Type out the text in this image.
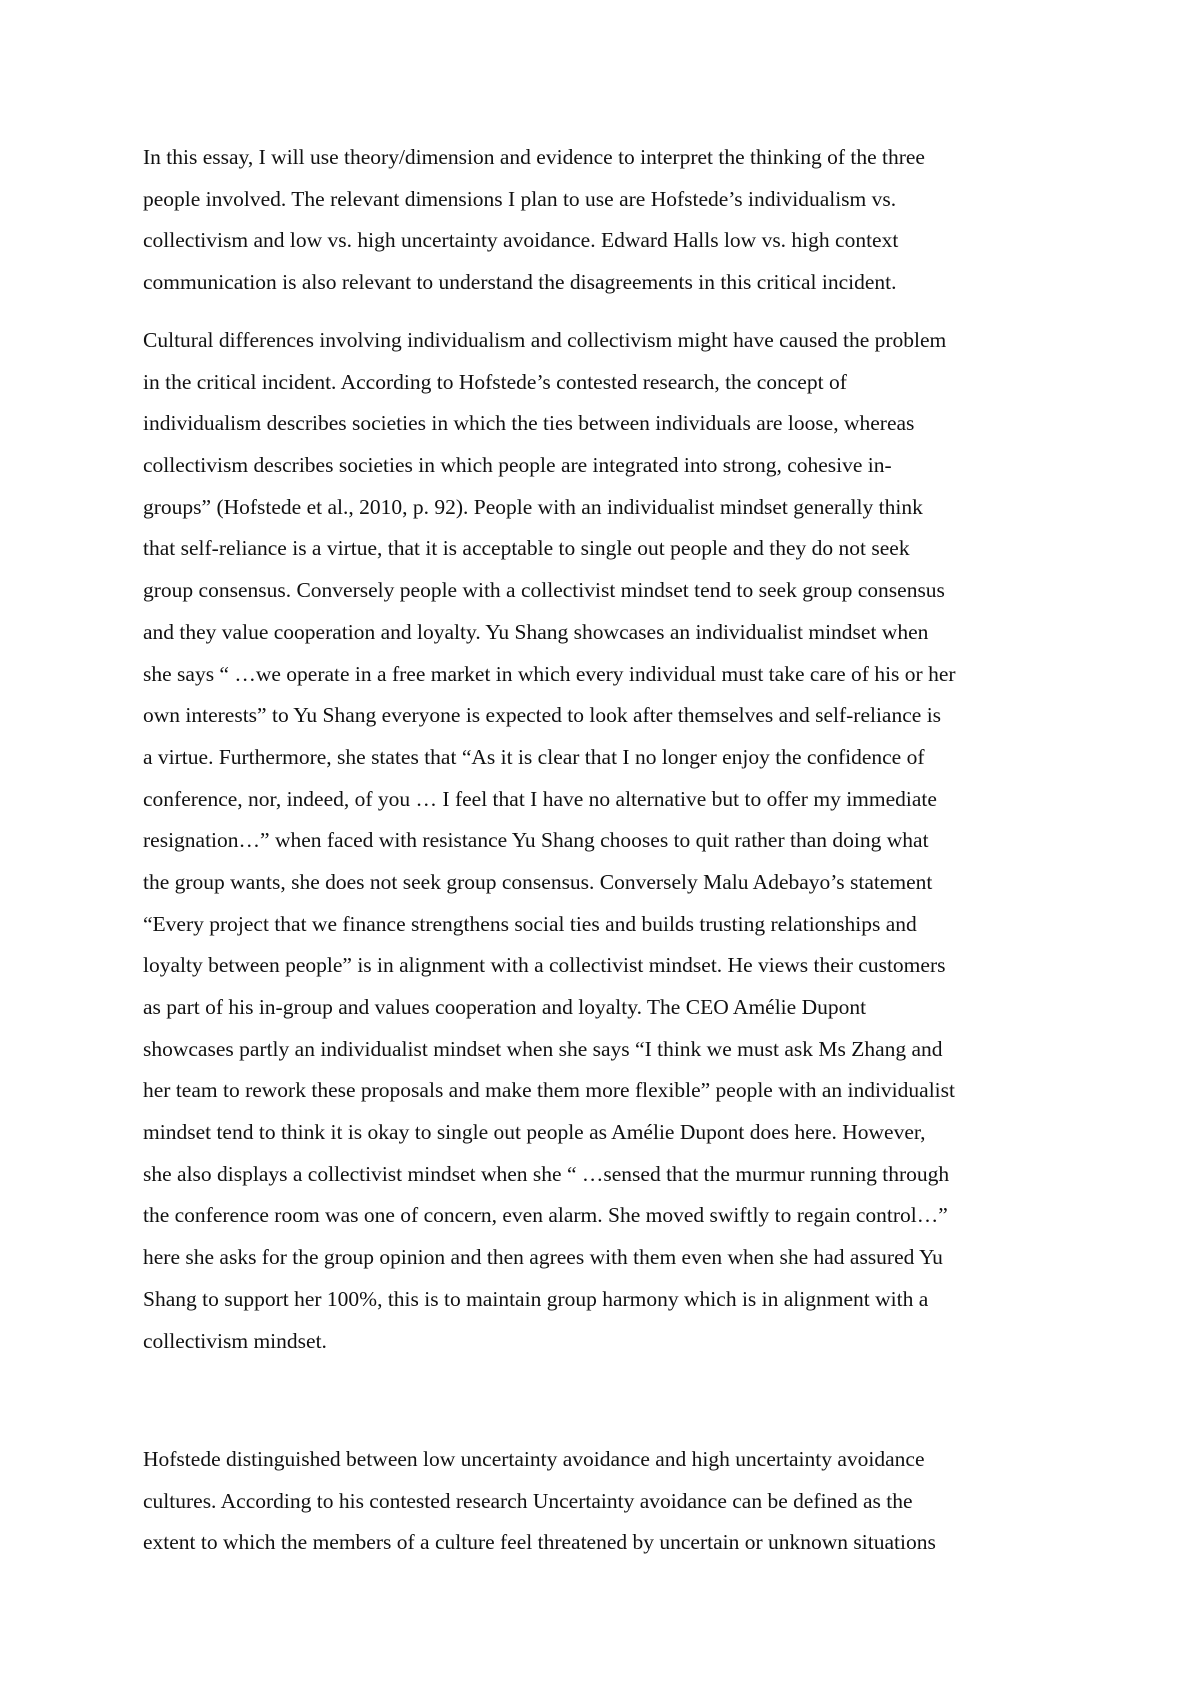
In this essay, I will use theory/dimension and evidence to interpret the thinking of the three
people involved. The relevant dimensions I plan to use are Hofstede’s individualism vs.
collectivism and low vs. high uncertainty avoidance. Edward Halls low vs. high context
communication is also relevant to understand the disagreements in this critical incident.
Cultural differences involving individualism and collectivism might have caused the problem
in the critical incident. According to Hofstede’s contested research, the concept of
individualism describes societies in which the ties between individuals are loose, whereas
collectivism describes societies in which people are integrated into strong, cohesive in-
groups” (Hofstede et al., 2010, p. 92). People with an individualist mindset generally think
that self-reliance is a virtue, that it is acceptable to single out people and they do not seek
group consensus. Conversely people with a collectivist mindset tend to seek group consensus
and they value cooperation and loyalty. Yu Shang showcases an individualist mindset when
she says “ …we operate in a free market in which every individual must take care of his or her
own interests” to Yu Shang everyone is expected to look after themselves and self-reliance is
a virtue. Furthermore, she states that “As it is clear that I no longer enjoy the confidence of
conference, nor, indeed, of you … I feel that I have no alternative but to offer my immediate
resignation…” when faced with resistance Yu Shang chooses to quit rather than doing what
the group wants, she does not seek group consensus. Conversely Malu Adebayo’s statement
“Every project that we finance strengthens social ties and builds trusting relationships and
loyalty between people” is in alignment with a collectivist mindset. He views their customers
as part of his in-group and values cooperation and loyalty. The CEO Amélie Dupont
showcases partly an individualist mindset when she says “I think we must ask Ms Zhang and
her team to rework these proposals and make them more flexible” people with an individualist
mindset tend to think it is okay to single out people as Amélie Dupont does here. However,
she also displays a collectivist mindset when she “ …sensed that the murmur running through
the conference room was one of concern, even alarm. She moved swiftly to regain control…”
here she asks for the group opinion and then agrees with them even when she had assured Yu
Shang to support her 100%, this is to maintain group harmony which is in alignment with a
collectivism mindset.
Hofstede distinguished between low uncertainty avoidance and high uncertainty avoidance
cultures. According to his contested research Uncertainty avoidance can be defined as the
extent to which the members of a culture feel threatened by uncertain or unknown situations
